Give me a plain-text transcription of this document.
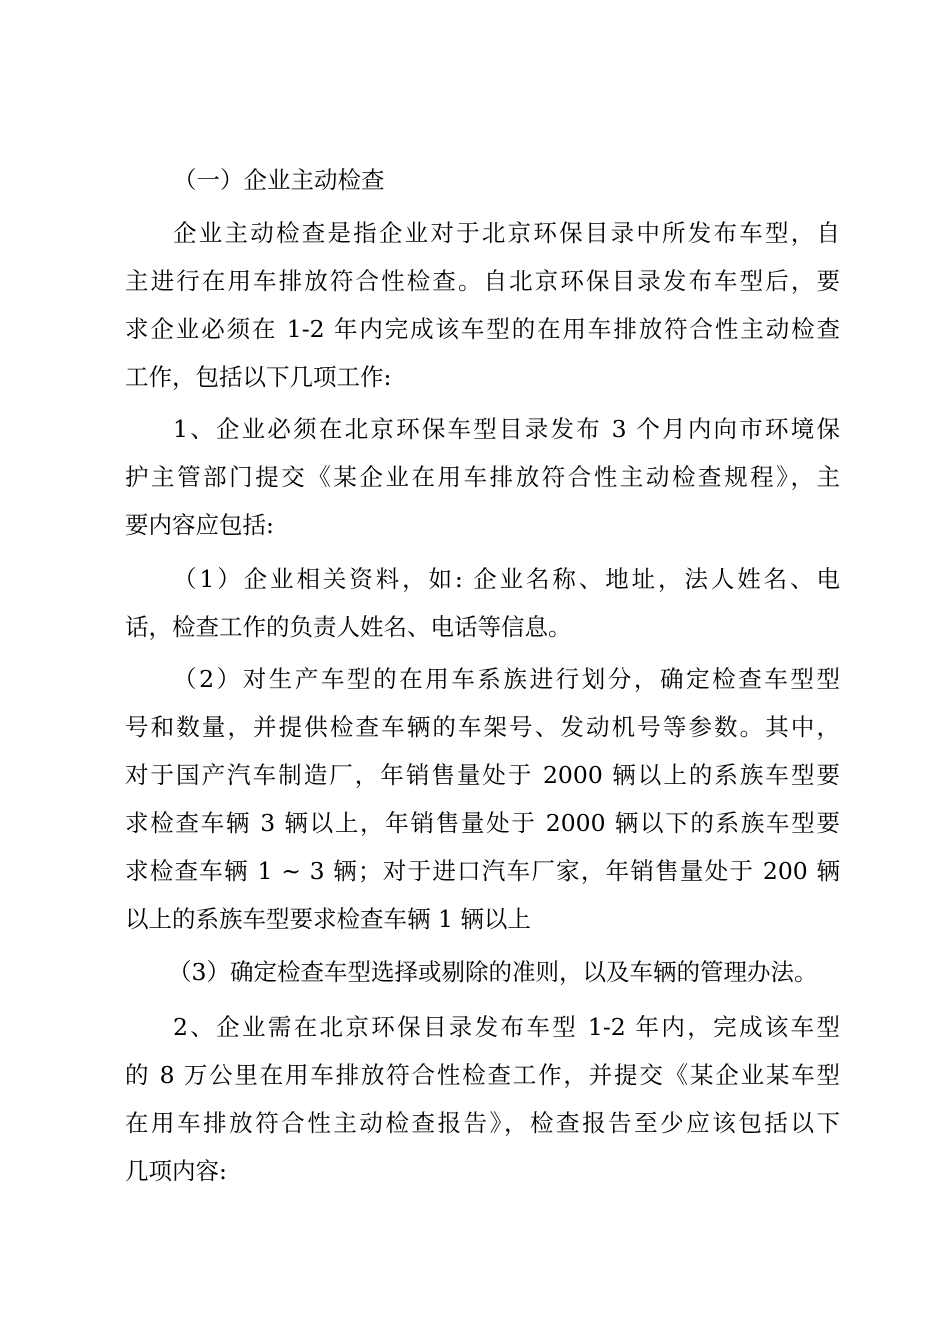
（一）企业主动检查
企业主动检查是指企业对于北京环保目录中所发布车型，自
主进行在用车排放符合性检查。自北京环保目录发布车型后，要
求企业必须在 1-2 年内完成该车型的在用车排放符合性主动检查
工作，包括以下几项工作:
1、企业必须在北京环保车型目录发布 3 个月内向市环境保
护主管部门提交《某企业在用车排放符合性主动检查规程》，主
要内容应包括:
（1）企业相关资料，如: 企业名称、地址，法人姓名、电
话，检查工作的负责人姓名、电话等信息。
（2）对生产车型的在用车系族进行划分，确定检查车型型
号和数量，并提供检查车辆的车架号、发动机号等参数。其中，
对于国产汽车制造厂，年销售量处于 2000 辆以上的系族车型要
求检查车辆 3 辆以上，年销售量处于 2000 辆以下的系族车型要
求检查车辆 1 ~ 3 辆；对于进口汽车厂家，年销售量处于 200 辆
以上的系族车型要求检查车辆 1 辆以上
（3）确定检查车型选择或剔除的准则，以及车辆的管理办法。
2、企业需在北京环保目录发布车型 1-2 年内，完成该车型
的 8 万公里在用车排放符合性检查工作，并提交《某企业某车型
在用车排放符合性主动检查报告》，检查报告至少应该包括以下
几项内容:
